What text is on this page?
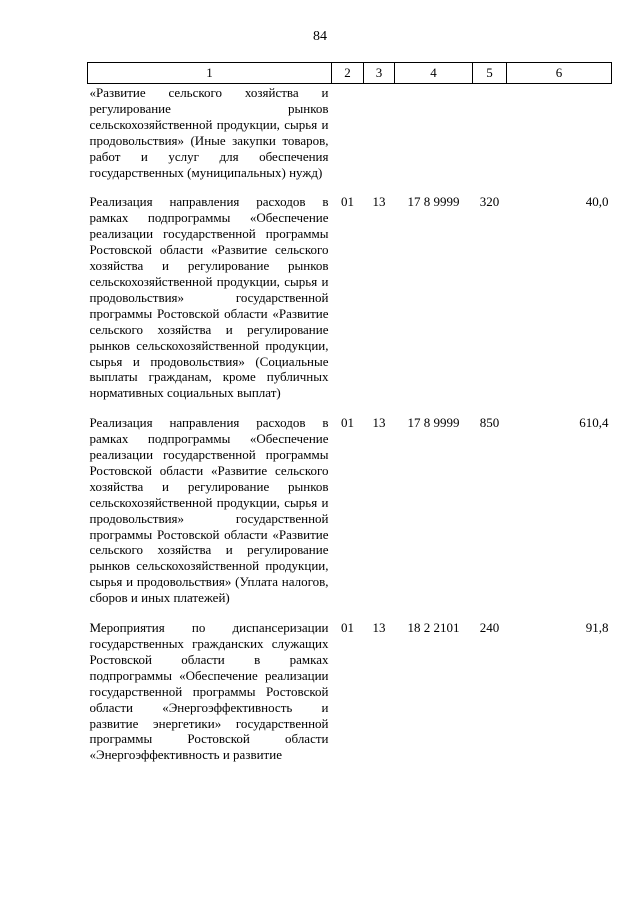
84
1	2	3	4	5	6
«Развитие сельского хозяйства и регулирование рынков сельскохозяйственной продукции, сырья и продовольствия» (Иные закупки товаров, работ и услуг для обеспечения государственных (муниципальных) нужд)					
Реализация направления расходов в рамках подпрограммы «Обеспечение реализации государственной программы Ростовской области «Развитие сельского хозяйства и регулирование рынков сельскохозяйственной продукции, сырья и продовольствия» государственной программы Ростовской области «Развитие сельского хозяйства и регулирование рынков сельскохозяйственной продукции, сырья и продовольствия» (Социальные выплаты гражданам, кроме публичных нормативных социальных выплат)	01	13	17 8 9999	320	40,0
Реализация направления расходов в рамках подпрограммы «Обеспечение реализации государственной программы Ростовской области «Развитие сельского хозяйства и регулирование рынков сельскохозяйственной продукции, сырья и продовольствия» государственной программы Ростовской области «Развитие сельского хозяйства и регулирование рынков сельскохозяйственной продукции, сырья и продовольствия» (Уплата налогов, сборов и иных платежей)	01	13	17 8 9999	850	610,4
Мероприятия по диспансеризации государственных гражданских служащих Ростовской области в рамках подпрограммы «Обеспечение реализации государственной программы Ростовской области «Энергоэффективность и развитие энергетики» государственной программы Ростовской области «Энергоэффективность и развитие	01	13	18 2 2101	240	91,8
